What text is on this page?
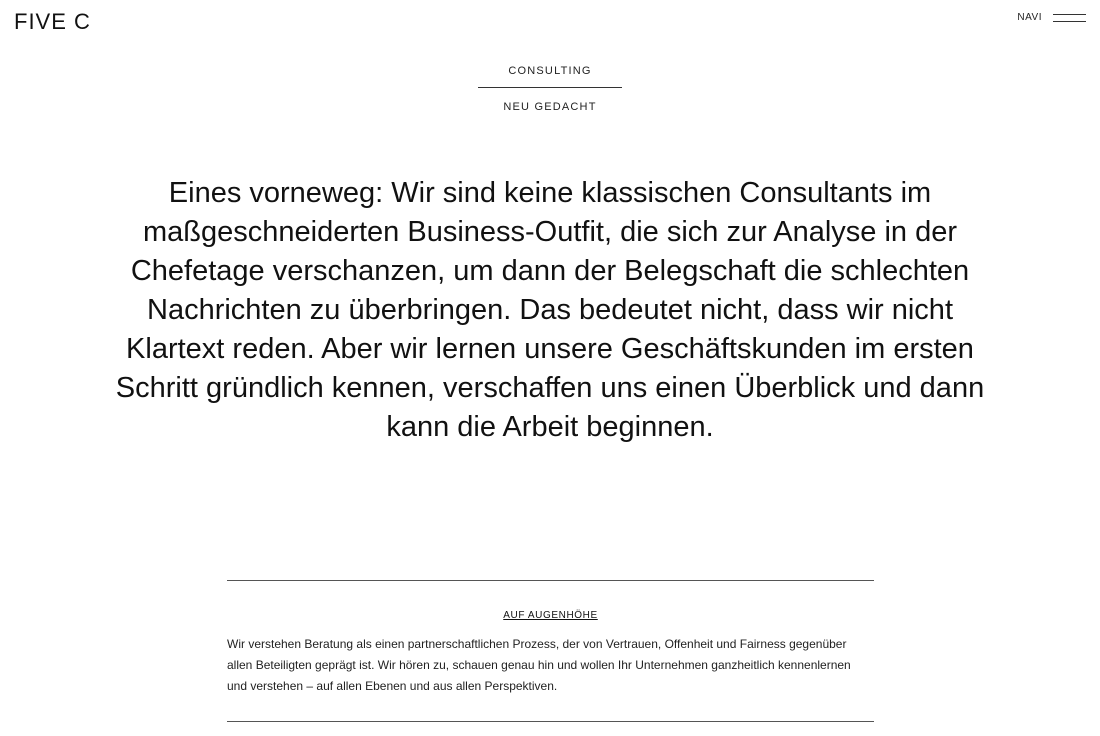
FIVE C	NAVI
CONSULTING
NEU GEDACHT

Eines vorneweg: Wir sind keine klassischen Consultants im maßgeschneiderten Business-Outfit, die sich zur Analyse in der Chefetage verschanzen, um dann der Belegschaft die schlechten Nachrichten zu überbringen. Das bedeutet nicht, dass wir nicht Klartext reden. Aber wir lernen unsere Geschäftskunden im ersten Schritt gründlich kennen, verschaffen uns einen Überblick und dann kann die Arbeit beginnen.

AUF AUGENHÖHE

Wir verstehen Beratung als einen partnerschaftlichen Prozess, der von Vertrauen, Offenheit und Fairness gegenüber allen Beteiligten geprägt ist. Wir hören zu, schauen genau hin und wollen Ihr Unternehmen ganzheitlich kennenlernen und verstehen – auf allen Ebenen und aus allen Perspektiven.
